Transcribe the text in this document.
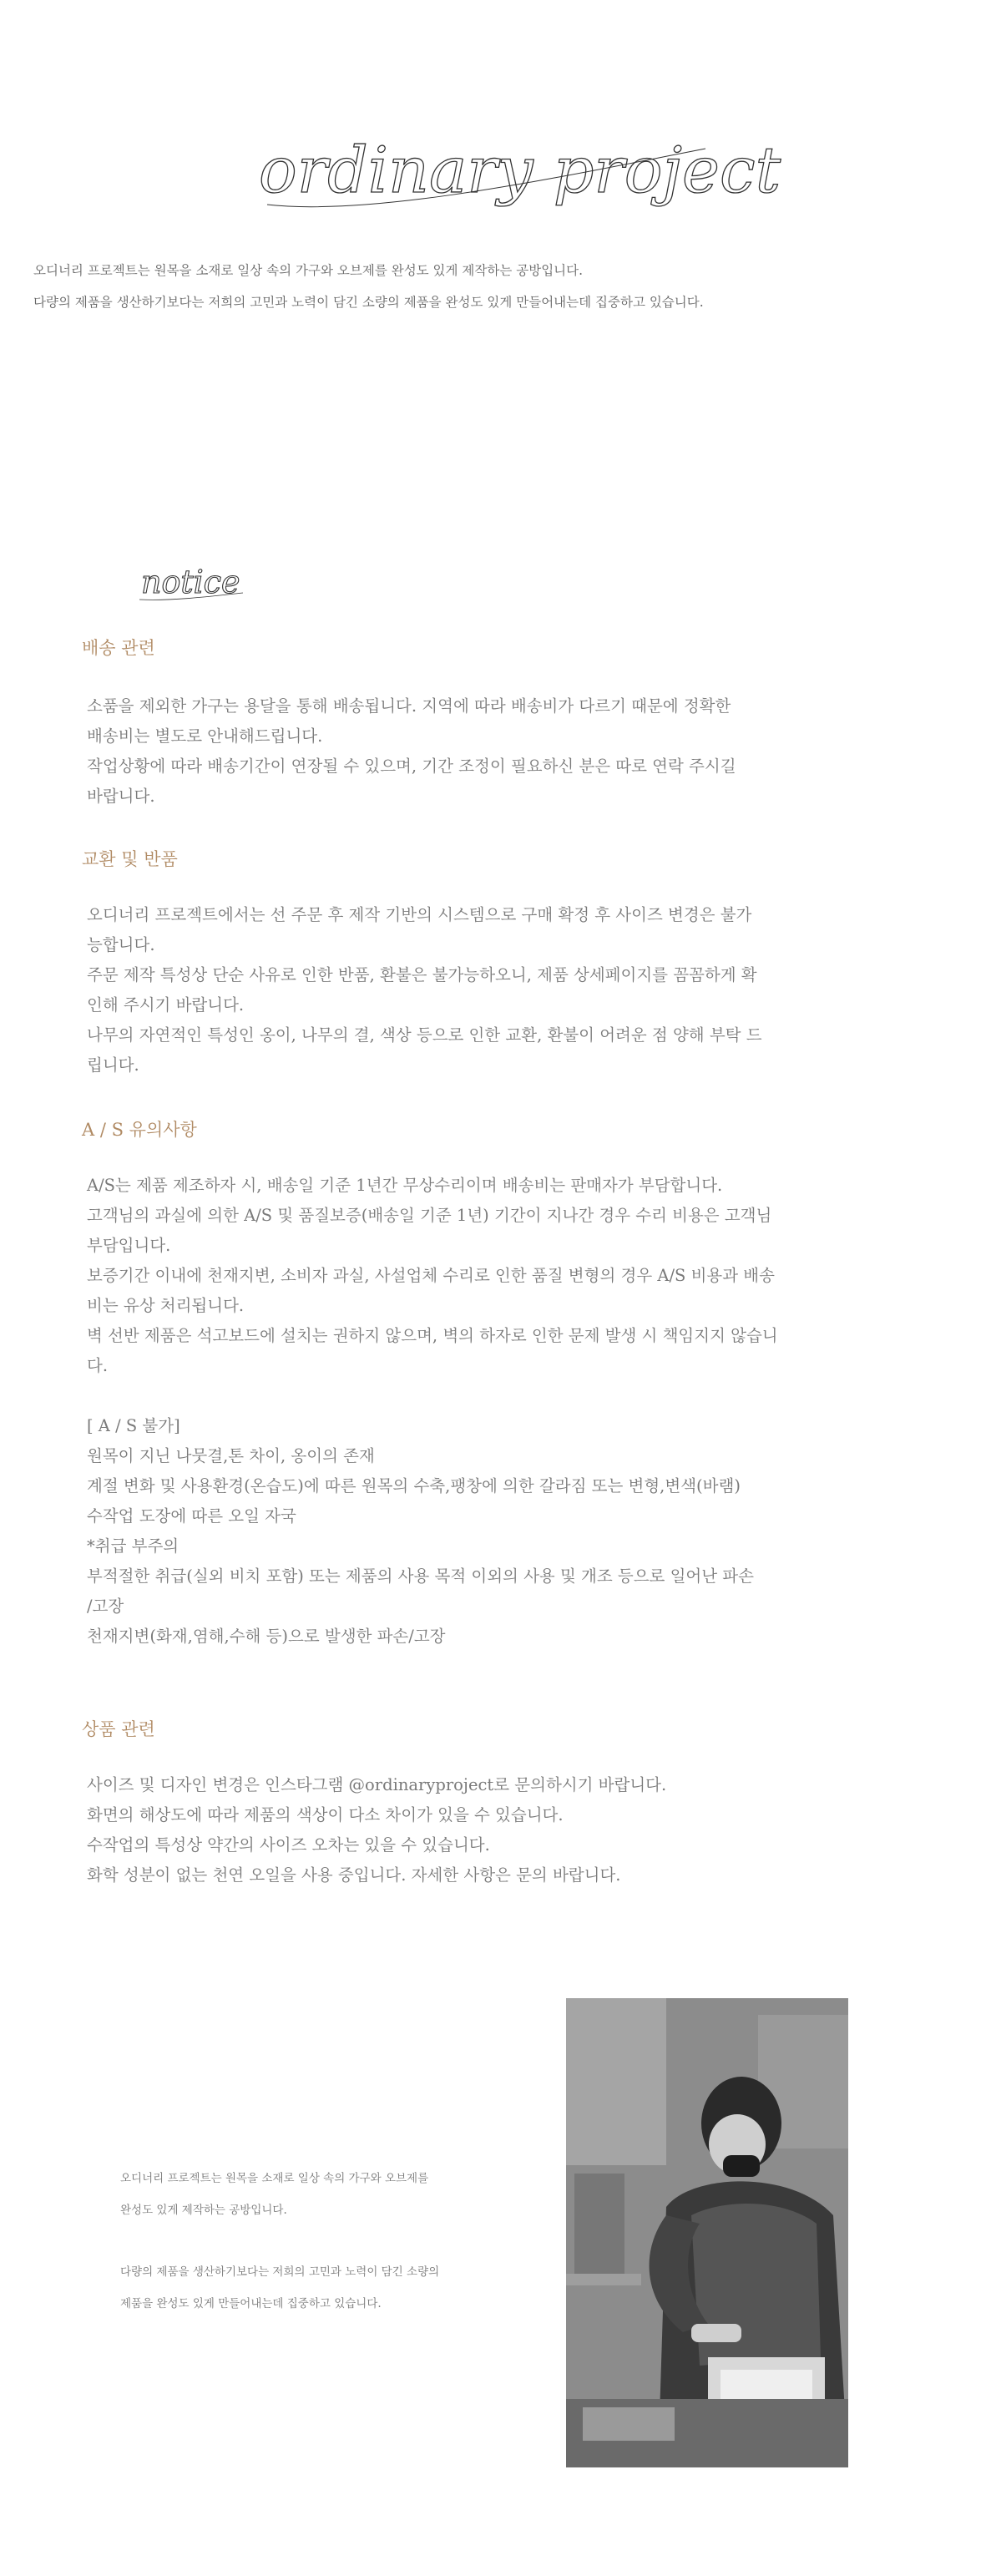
ordinary project

오디너리 프로젝트는 원목을 소재로 일상 속의 가구와 오브제를 완성도 있게 제작하는 공방입니다.

다량의 제품을 생산하기보다는 저희의 고민과 노력이 담긴 소량의 제품을 완성도 있게 만들어내는데 집중하고 있습니다.

notice
배송 관련
소품을 제외한 가구는 용달을 통해 배송됩니다. 지역에 따라 배송비가 다르기 때문에 정확한
배송비는 별도로 안내해드립니다.
작업상황에 따라 배송기간이 연장될 수 있으며, 기간 조정이 필요하신 분은 따로 연락 주시길
바랍니다.
교환 및 반품
오디너리 프로젝트에서는 선 주문 후 제작 기반의 시스템으로 구매 확정 후 사이즈 변경은 불가
능합니다.
주문 제작 특성상 단순 사유로 인한 반품, 환불은 불가능하오니, 제품 상세페이지를 꼼꼼하게 확
인해 주시기 바랍니다.
나무의 자연적인 특성인 옹이, 나무의 결, 색상 등으로 인한 교환, 환불이 어려운 점 양해 부탁 드
립니다.
A / S 유의사항
A/S는 제품 제조하자 시, 배송일 기준 1년간 무상수리이며 배송비는 판매자가 부담합니다.
고객님의 과실에 의한 A/S 및 품질보증(배송일 기준 1년) 기간이 지나간 경우 수리 비용은 고객님
부담입니다.
보증기간 이내에 천재지변, 소비자 과실, 사설업체 수리로 인한 품질 변형의 경우 A/S 비용과 배송
비는 유상 처리됩니다.
벽 선반 제품은 석고보드에 설치는 권하지 않으며, 벽의 하자로 인한 문제 발생 시 책임지지 않습니
다.
[ A / S 불가]
원목이 지닌 나뭇결,톤 차이, 옹이의 존재
계절 변화 및 사용환경(온습도)에 따른 원목의 수축,팽창에 의한 갈라짐 또는 변형,변색(바램)
수작업 도장에 따른 오일 자국
*취급 부주의
부적절한 취급(실외 비치 포함) 또는 제품의 사용 목적 이외의 사용 및 개조 등으로 일어난 파손
/고장
천재지변(화재,염해,수해 등)으로 발생한 파손/고장
상품 관련
사이즈 및 디자인 변경은 인스타그램 @ordinaryproject로 문의하시기 바랍니다.
화면의 해상도에 따라 제품의 색상이 다소 차이가 있을 수 있습니다.
수작업의 특성상 약간의 사이즈 오차는 있을 수 있습니다.
화학 성분이 없는 천연 오일을 사용 중입니다. 자세한 사항은 문의 바랍니다.

오디너리 프로젝트는 원목을 소재로 일상 속의 가구와 오브제를
완성도 있게 제작하는 공방입니다.

다량의 제품을 생산하기보다는 저희의 고민과 노력이 담긴 소량의
제품을 완성도 있게 만들어내는데 집중하고 있습니다.
